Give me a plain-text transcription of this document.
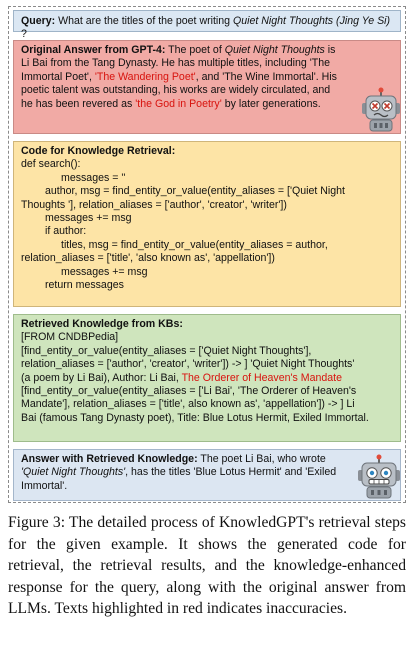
Query: What are the titles of the poet writing Quiet Night Thoughts (Jing Ye Si) ?
Original Answer from GPT-4: The poet of Quiet Night Thoughts is Li Bai from the Tang Dynasty. He has multiple titles, including 'The Immortal Poet', 'The Wandering Poet', and 'The Wine Immortal'. His poetic talent was outstanding, his works are widely circulated, and he has been revered as 'the God in Poetry' by later generations.
Code for Knowledge Retrieval:
def search():
messages = ''
author, msg = find_entity_or_value(entity_aliases = ['Quiet Night
Thoughts '], relation_aliases = ['author', 'creator', 'writer'])
messages += msg
if author:
titles, msg = find_entity_or_value(entity_aliases = author,
relation_aliases = ['title', 'also known as', 'appellation'])
messages += msg
return messages
Retrieved Knowledge from KBs:
[FROM CNDBPedia]
[find_entity_or_value(entity_aliases = ['Quiet Night Thoughts'],
relation_aliases = ['author', 'creator', 'writer']) -> ] 'Quiet Night Thoughts'
(a poem by Li Bai), Author: Li Bai, The Orderer of Heaven's Mandate
[find_entity_or_value(entity_aliases = ['Li Bai', 'The Orderer of Heaven's
Mandate'], relation_aliases = ['title', also known as', 'appellation']) -> ] Li
Bai (famous Tang Dynasty poet), Title: Blue Lotus Hermit, Exiled Immortal.
Answer with Retrieved Knowledge: The poet Li Bai, who wrote 'Quiet Night Thoughts', has the titles 'Blue Lotus Hermit' and 'Exiled Immortal'.
Figure 3: The detailed process of KnowledGPT's retrieval steps for the given example. It shows the generated code for retrieval, the retrieval results, and the knowledge-enhanced response for the query, along with the original answer from LLMs. Texts highlighted in red indicates inaccuracies.
